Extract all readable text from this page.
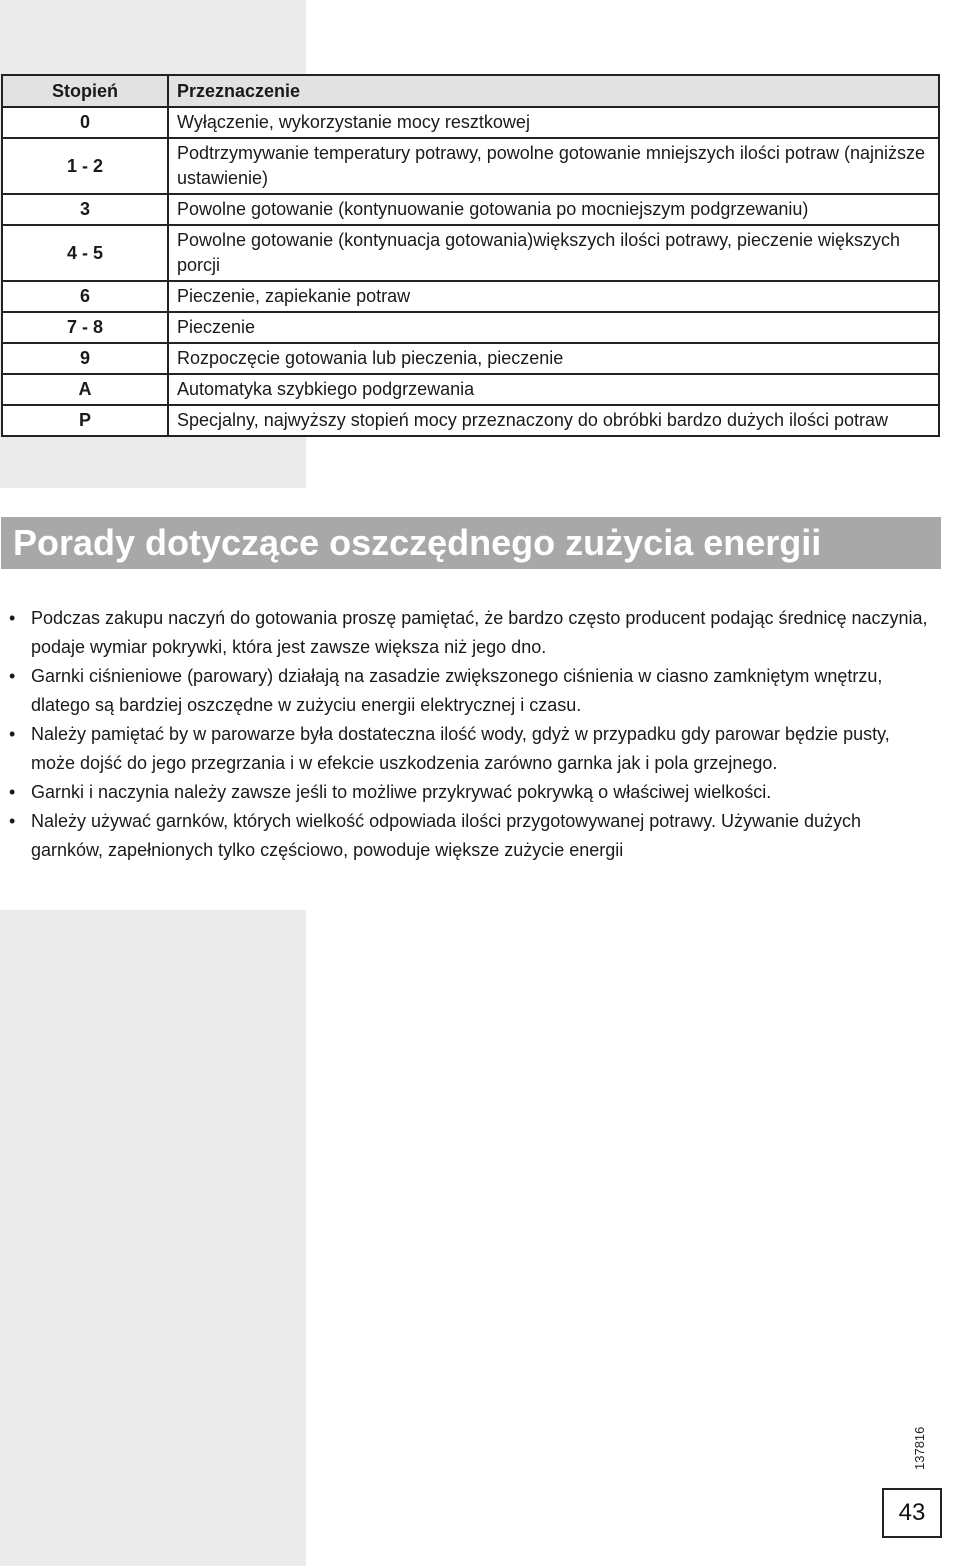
Stopień	Przeznaczenie
0	Wyłączenie, wykorzystanie mocy resztkowej
1 - 2	Podtrzymywanie temperatury potrawy, powolne gotowanie mniejszych ilości potraw (najniższe ustawienie)
3	Powolne gotowanie (kontynuowanie gotowania po mocniejszym podgrzewaniu)
4 - 5	Powolne gotowanie (kontynuacja gotowania)większych ilości potrawy, pieczenie większych porcji
6	Pieczenie, zapiekanie potraw
7 - 8	Pieczenie
9	Rozpoczęcie gotowania lub pieczenia, pieczenie
A	Automatyka szybkiego podgrzewania
P	Specjalny, najwyższy stopień mocy przeznaczony do obróbki bardzo dużych ilości potraw
Porady dotyczące oszczędnego zużycia energii
• Podczas zakupu naczyń do gotowania proszę pamiętać, że bardzo często producent podając średnicę naczynia, podaje wymiar pokrywki, która jest zawsze większa niż jego dno.
• Garnki ciśnieniowe (parowary) działają na zasadzie zwiększonego ciśnienia w ciasno zamkniętym wnętrzu, dlatego są bardziej oszczędne w zużyciu energii elektrycznej i czasu.
• Należy pamiętać by w parowarze była dostateczna ilość wody, gdyż w przypadku gdy parowar będzie pusty, może dojść do jego przegrzania i w efekcie uszkodzenia zarówno garnka jak i pola grzejnego.
• Garnki i naczynia należy zawsze jeśli to możliwe przykrywać pokrywką o właściwej wielkości.
• Należy używać garnków, których wielkość odpowiada ilości przygotowywanej potrawy. Używanie dużych garnków, zapełnionych tylko częściowo, powoduje większe zużycie energii
137816
43
